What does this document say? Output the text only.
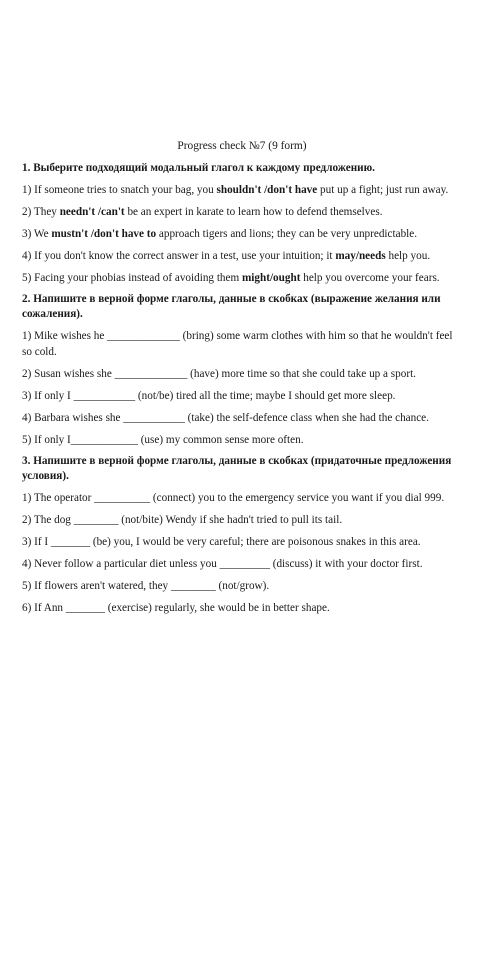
Progress check №7 (9 form)
1. Выберите подходящий модальный глагол к каждому предложению.
1) If someone tries to snatch your bag, you shouldn't /don't have put up a fight; just run away.
2) They needn't /can't be an expert in karate to learn how to defend themselves.
3) We mustn't /don't have to approach tigers and lions; they can be very unpredictable.
4) If you don't know the correct answer in a test, use your intuition; it may/needs help you.
5) Facing your phobias instead of avoiding them might/ought help you overcome your fears.
2. Напишите в верной форме глаголы, данные в скобках (выражение желания или сожаления).
1) Mike wishes he _____________ (bring) some warm clothes with him so that he wouldn't feel so cold.
2) Susan wishes she _____________ (have) more time so that she could take up a sport.
3) If only I ___________ (not/be) tired all the time; maybe I should get more sleep.
4) Barbara wishes she ___________ (take) the self-defence class when she had the chance.
5) If only I____________ (use) my common sense more often.
3. Напишите в верной форме глаголы, данные в скобках (придаточные предложения условия).
1) The operator __________ (connect) you to the emergency service you want if you dial 999.
2) The dog ________ (not/bite) Wendy if she hadn't tried to pull its tail.
3) If I _______ (be) you, I would be very careful; there are poisonous snakes in this area.
4) Never follow a particular diet unless you _________ (discuss) it with your doctor first.
5) If flowers aren't watered, they ________ (not/grow).
6) If Ann _______ (exercise) regularly, she would be in better shape.
